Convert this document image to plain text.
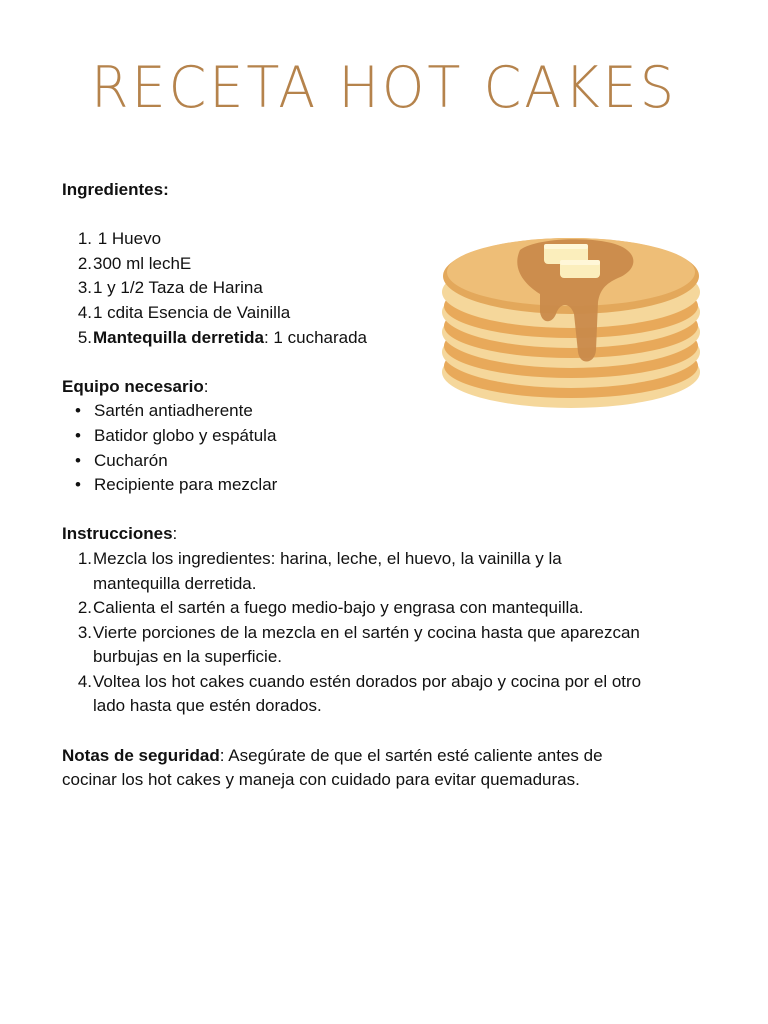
RECETA HOT CAKES

Ingredientes:

1. 1 Huevo
2. 300 ml lechE
3. 1 y 1/2 Taza de Harina
4. 1 cdita Esencia de Vainilla
5. Mantequilla derretida: 1 cucharada

Equipo necesario:

• Sartén antiadherente
• Batidor globo y espátula
• Cucharón
• Recipiente para mezclar

Instrucciones:

1. Mezcla los ingredientes: harina, leche, el huevo, la vainilla y la
mantequilla derretida.
2. Calienta el sartén a fuego medio-bajo y engrasa con mantequilla.
3. Vierte porciones de la mezcla en el sartén y cocina hasta que aparezcan
burbujas en la superficie.
4. Voltea los hot cakes cuando estén dorados por abajo y cocina por el otro
lado hasta que estén dorados.

Notas de seguridad: Asegúrate de que el sartén esté caliente antes de
cocinar los hot cakes y maneja con cuidado para evitar quemaduras.
